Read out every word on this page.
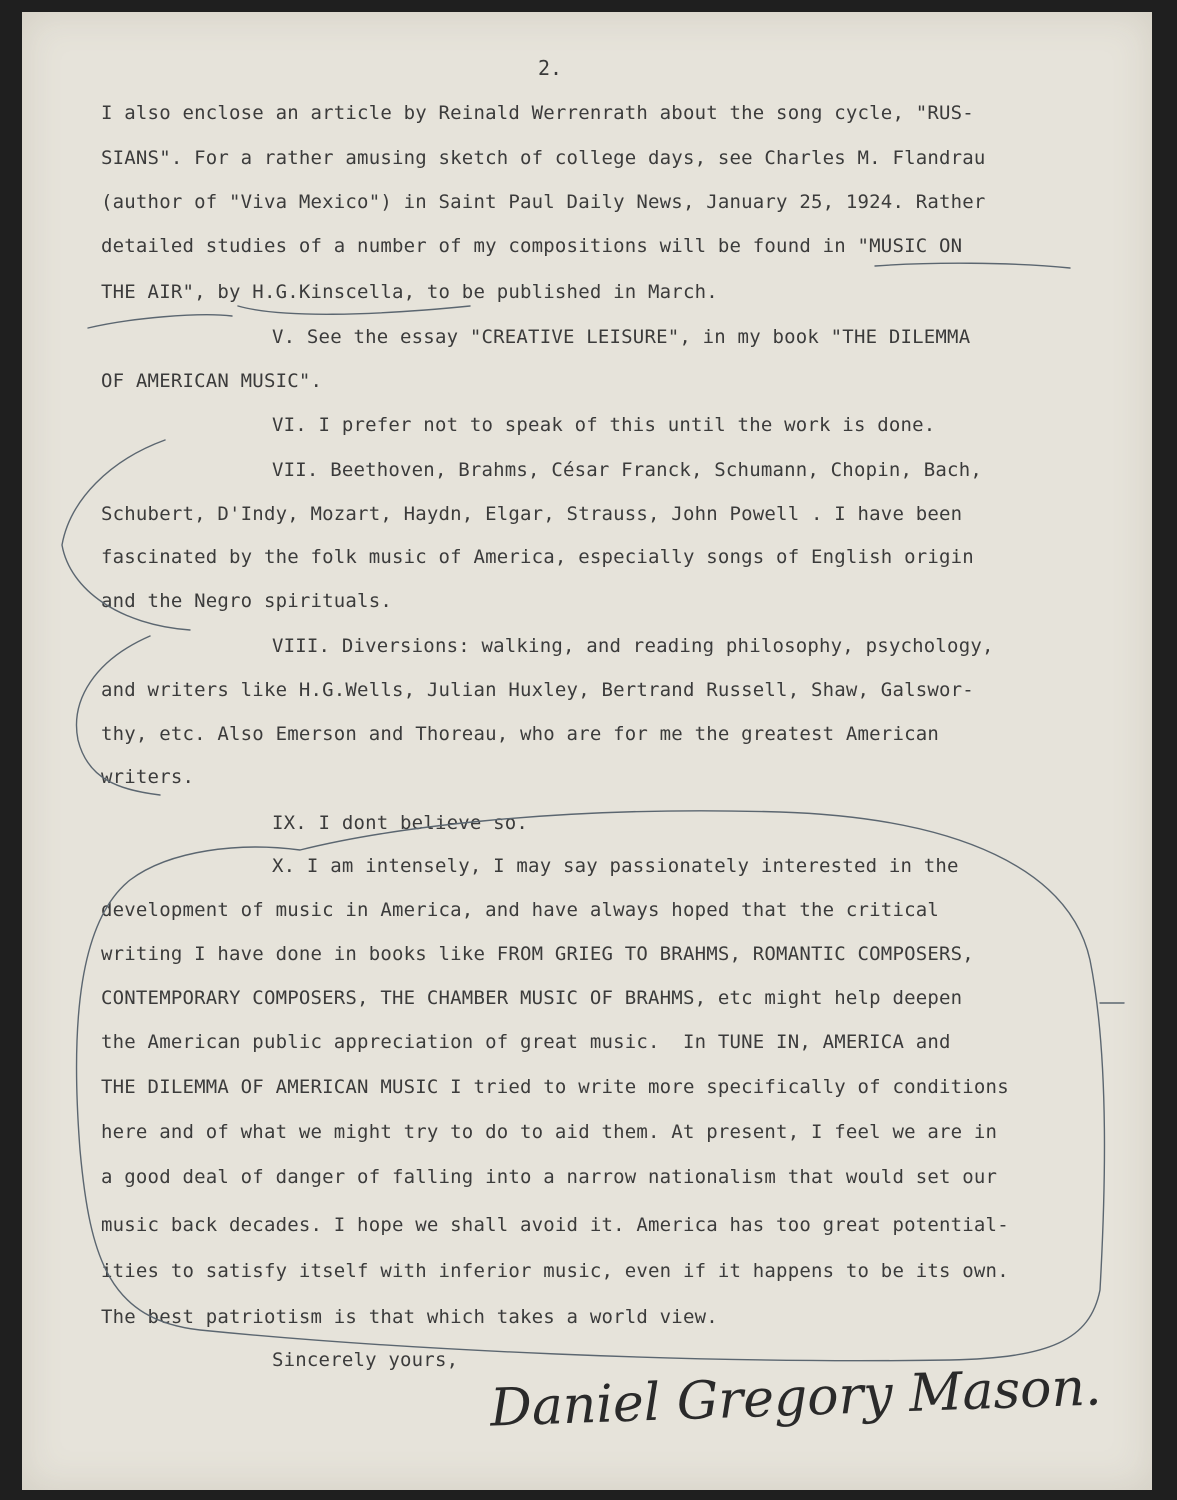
2.
I also enclose an article by Reinald Werrenrath about the song cycle, "RUS-
SIANS". For a rather amusing sketch of college days, see Charles M. Flandrau
(author of "Viva Mexico") in Saint Paul Daily News, January 25, 1924. Rather
detailed studies of a number of my compositions will be found in "MUSIC ON
THE AIR", by H.G.Kinscella, to be published in March.
V. See the essay "CREATIVE LEISURE", in my book "THE DILEMMA
OF AMERICAN MUSIC".
VI. I prefer not to speak of this until the work is done.
VII. Beethoven, Brahms, César Franck, Schumann, Chopin, Bach,
Schubert, D'Indy, Mozart, Haydn, Elgar, Strauss, John Powell . I have been
fascinated by the folk music of America, especially songs of English origin
and the Negro spirituals.
VIII. Diversions: walking, and reading philosophy, psychology,
and writers like H.G.Wells, Julian Huxley, Bertrand Russell, Shaw, Galswor-
thy, etc. Also Emerson and Thoreau, who are for me the greatest American
writers.
IX. I dont believe so.
X. I am intensely, I may say passionately interested in the
development of music in America, and have always hoped that the critical
writing I have done in books like FROM GRIEG TO BRAHMS, ROMANTIC COMPOSERS,
CONTEMPORARY COMPOSERS, THE CHAMBER MUSIC OF BRAHMS, etc might help deepen
the American public appreciation of great music.  In TUNE IN, AMERICA and
THE DILEMMA OF AMERICAN MUSIC I tried to write more specifically of conditions
here and of what we might try to do to aid them. At present, I feel we are in
a good deal of danger of falling into a narrow nationalism that would set our
music back decades. I hope we shall avoid it. America has too great potential-
ities to satisfy itself with inferior music, even if it happens to be its own.
The best patriotism is that which takes a world view.
Sincerely yours, Daniel Gregory Mason.
